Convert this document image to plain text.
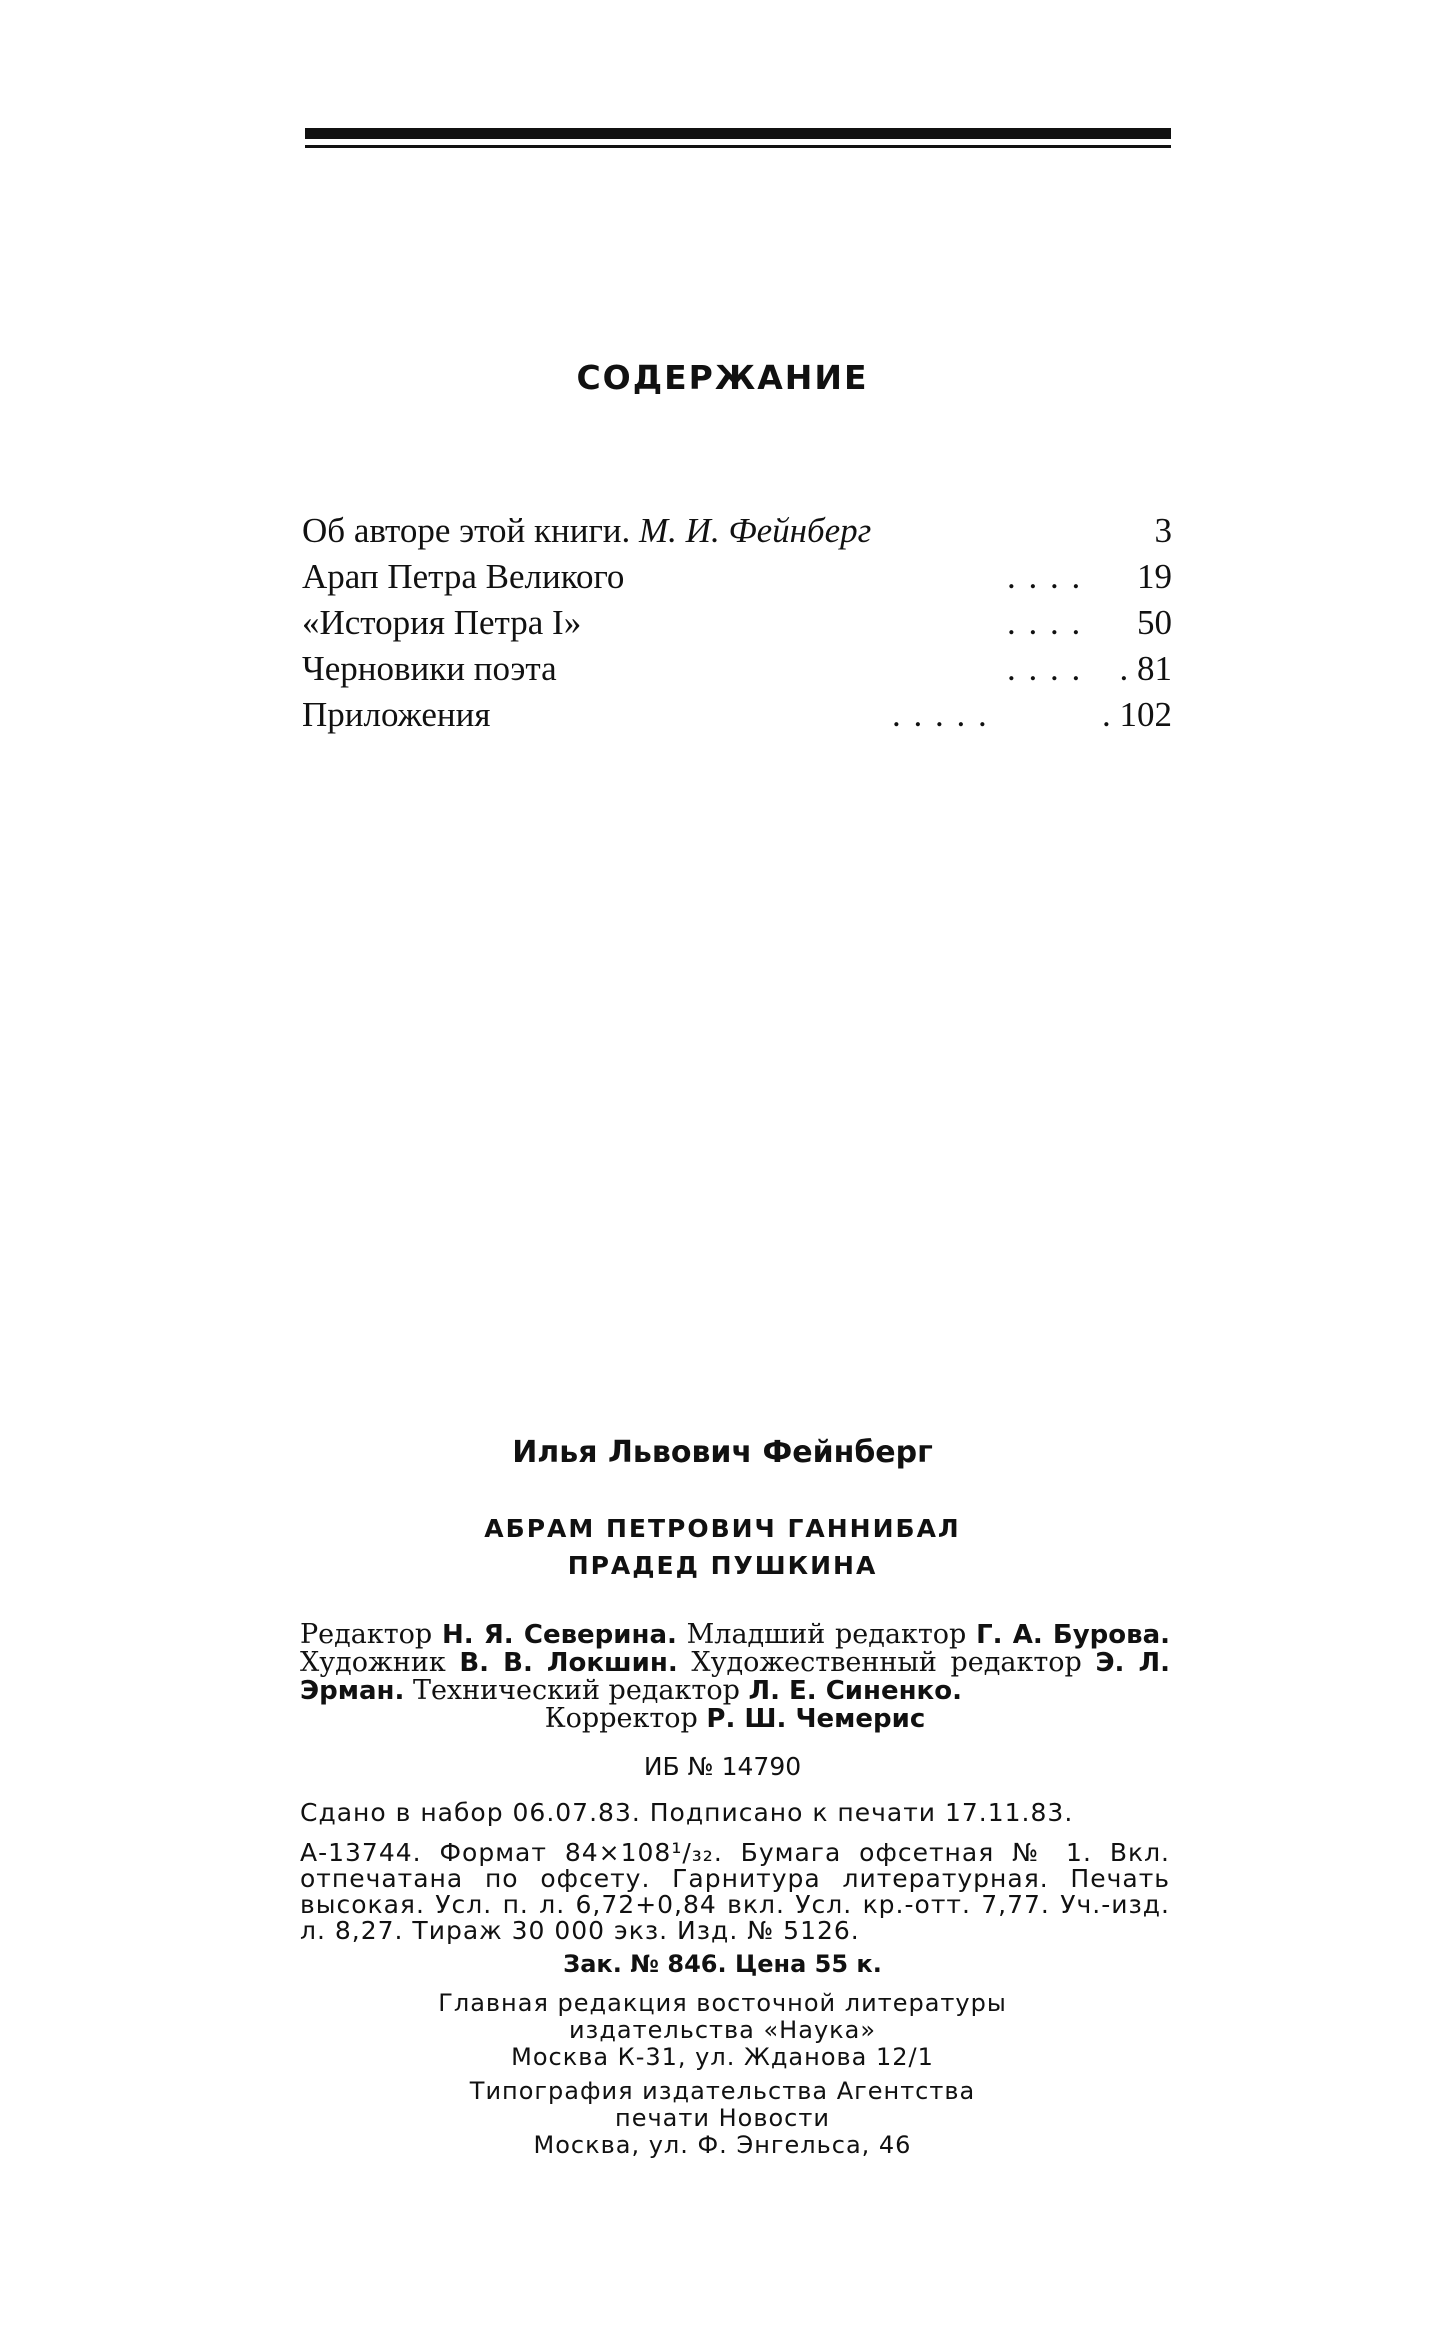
СОДЕРЖАНИЕ
Об авторе этой книги. М. И. Фейнберг	3
Арап Петра Великого	. . . . 19
«История Петра I»	. . . . 50
Черновики поэта	. . . . . 81
Приложения	. . . . .	. 102
Илья Львович Фейнберг
АБРАМ ПЕТРОВИЧ ГАННИБАЛ
ПРАДЕД ПУШКИНА
Редактор Н. Я. Северина. Младший редактор Г. А. Бурова. Художник В. В. Локшин. Художественный редактор Э. Л. Эрман. Технический редактор Л. Е. Синенко.
Корректор Р. Ш. Чемерис
ИБ № 14790
Сдано в набор 06.07.83. Подписано к печати 17.11.83.
А-13744. Формат 84×108¹/₃₂. Бумага офсетная № 1. Вкл. отпечатана по офсету. Гарнитура литературная. Печать высокая. Усл. п. л. 6,72+0,84 вкл. Усл. кр.-отт. 7,77. Уч.-изд. л. 8,27. Тираж 30 000 экз. Изд. № 5126.
Зак. № 846. Цена 55 к.
Главная редакция восточной литературы
издательства «Наука»
Москва К-31, ул. Жданова 12/1
Типография издательства Агентства
печати Новости
Москва, ул. Ф. Энгельса, 46
